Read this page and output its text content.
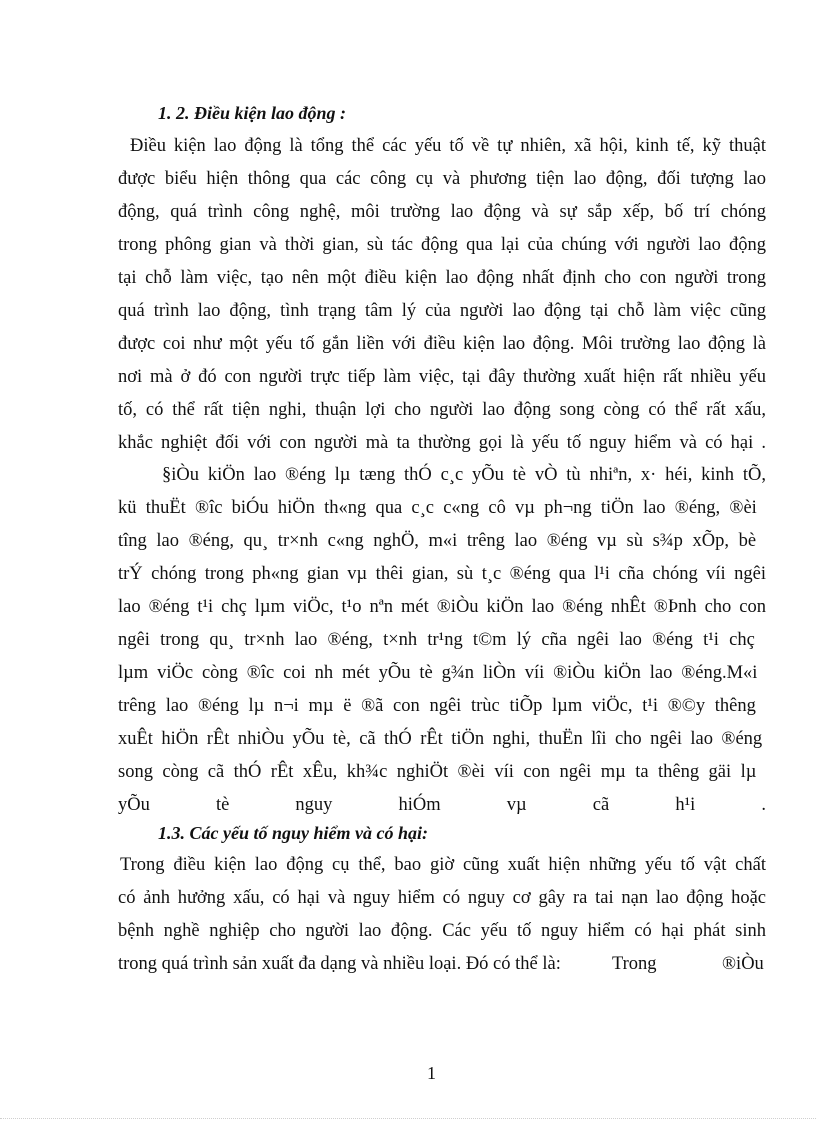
1. 2. Điều kiện lao động :
Điều kiện lao động là tổng thể các yếu tố về tự nhiên, xã hội, kinh tế, kỹ thuật
được biểu hiện thông qua các công cụ và phương tiện lao động, đối tượng lao
động, quá trình công nghệ, môi trường lao động và sự sắp xếp, bố trí chóng
trong phông gian và thời gian, sù tác động qua lại của chúng với người lao động
tại chỗ làm việc, tạo nên một điều kiện lao động nhất định cho con người trong
quá trình lao động, tình trạng tâm lý của người lao động tại chỗ làm việc cũng
được coi như một yếu tố gắn liền với điều kiện lao động. Môi trường lao động là
nơi mà ở đó con người trực tiếp làm việc, tại đây thường xuất hiện rất nhiều yếu
tố, có thể rất tiện nghi, thuận lợi cho người lao động song còng có thể rất xấu,
khắc nghiệt đối với con người mà ta thường gọi là yếu tố nguy hiểm và có hại .
§iÒu kiÖn lao ®éng lµ tæng thÓ c¸c yÕu tè vÒ tù nhiªn, x· héi, kinh tÕ,
kü thuËt ®îc biÓu hiÖn th«ng qua c¸c c«ng cô vµ ph¬ng tiÖn lao ®éng, ®èi
tîng lao ®éng, qu¸ tr×nh c«ng nghÖ, m«i trêng lao ®éng vµ sù s¾p xÕp, bè
trÝ chóng trong ph«ng gian vµ thêi gian, sù t¸c ®éng qua l¹i cña chóng víi ngêi
lao ®éng t¹i chç lµm viÖc, t¹o nªn mét ®iÒu kiÖn lao ®éng nhÊt ®Þnh cho con
ngêi trong qu¸ tr×nh lao ®éng, t×nh tr¹ng t©m lý cña ngêi lao ®éng t¹i chç
lµm viÖc còng ®îc coi nh mét yÕu tè g¾n liÒn víi ®iÒu kiÖn lao ®éng.M«i
trêng lao ®éng lµ n¬i mµ ë ®ã con ngêi trùc tiÕp lµm viÖc, t¹i ®©y thêng
xuÊt hiÖn rÊt nhiÒu yÕu tè, cã thÓ rÊt tiÖn nghi, thuËn lîi cho ngêi lao ®éng
song còng cã thÓ rÊt xÊu, kh¾c nghiÖt ®èi víi con ngêi mµ ta thêng gäi lµ
yÕu tè nguy hiÓm vµ cã h¹i .
1.3. Các yếu tố nguy hiểm và có hại:
Trong điều kiện lao động cụ thể, bao giờ cũng xuất hiện những yếu tố vật chất
có ảnh hưởng xấu, có hại và nguy hiểm có nguy cơ gây ra tai nạn lao động hoặc
bệnh nghề nghiệp cho người lao động. Các yếu tố nguy hiểm có hại phát sinh
trong quá trình sản xuất đa dạng và nhiều loại. Đó có thể là:	Trong	®iÒu
1
